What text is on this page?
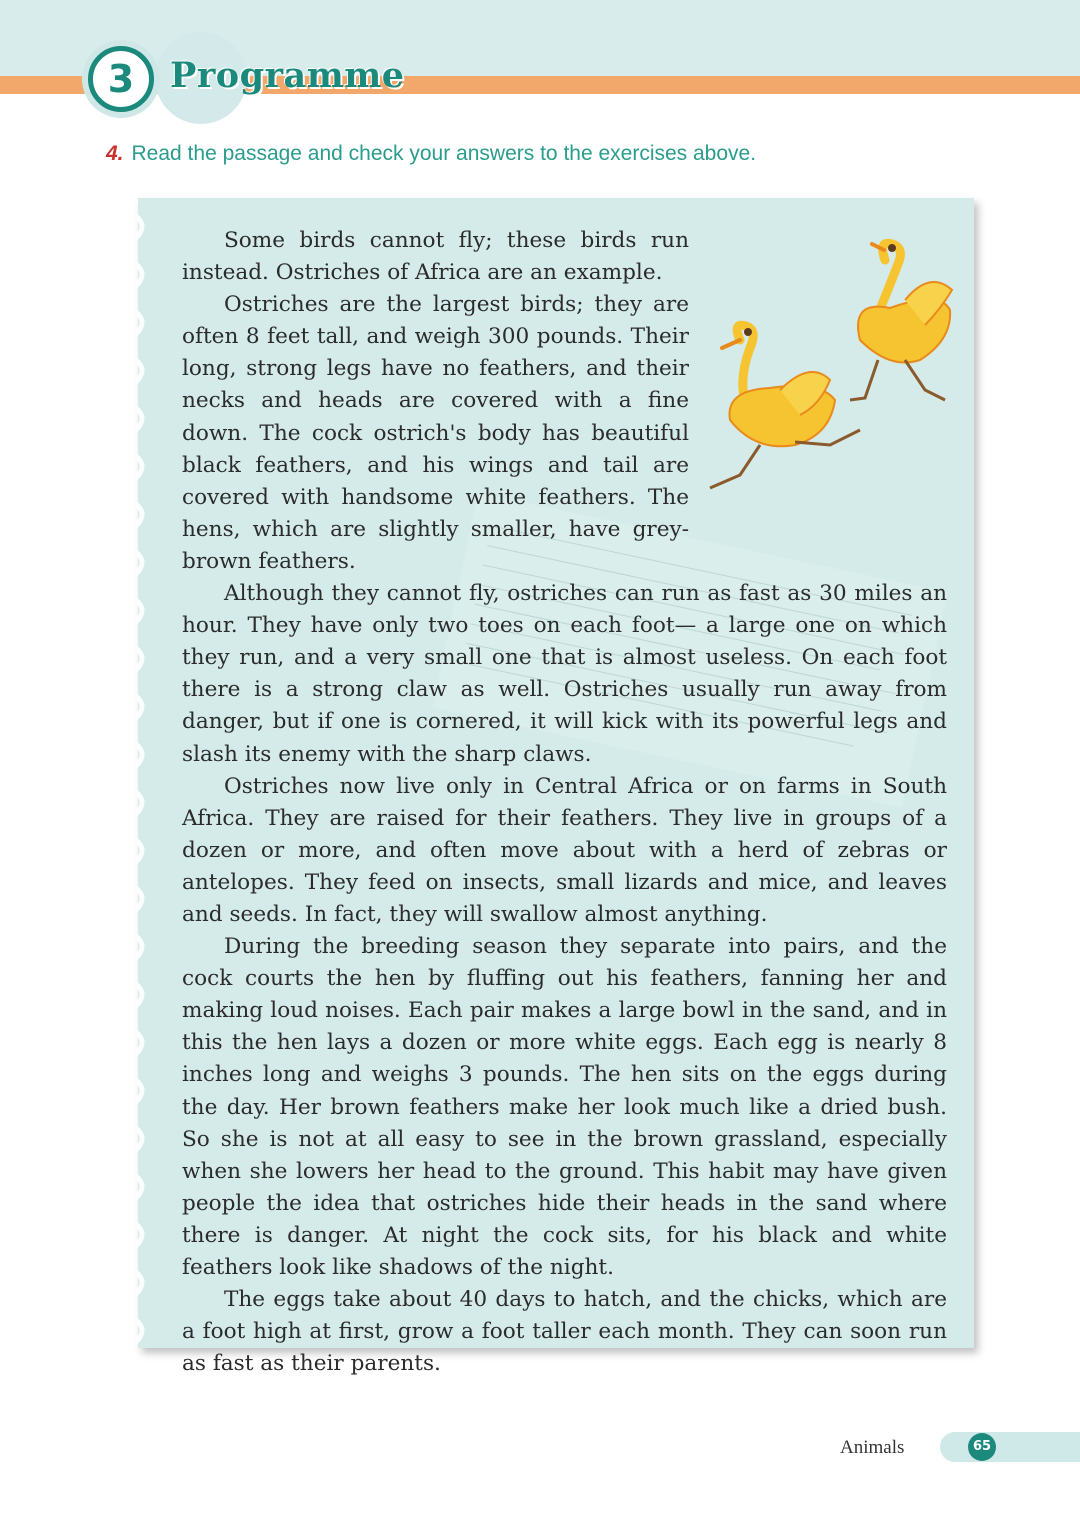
3	Programme
4. Read the passage and check your answers to the exercises above.

Some birds cannot fly; these birds run instead. Ostriches of Africa are an example.

Ostriches are the largest birds; they are often 8 feet tall, and weigh 300 pounds. Their long, strong legs have no feathers, and their necks and heads are covered with a fine down. The cock ostrich's body has beautiful black feathers, and his wings and tail are covered with handsome white feathers. The hens, which are slightly smaller, have grey-brown feathers.

Although they cannot fly, ostriches can run as fast as 30 miles an hour. They have only two toes on each foot— a large one on which they run, and a very small one that is almost useless. On each foot there is a strong claw as well. Ostriches usually run away from danger, but if one is cornered, it will kick with its powerful legs and slash its enemy with the sharp claws.

Ostriches now live only in Central Africa or on farms in South Africa. They are raised for their feathers. They live in groups of a dozen or more, and often move about with a herd of zebras or antelopes. They feed on insects, small lizards and mice, and leaves and seeds. In fact, they will swallow almost anything.

During the breeding season they separate into pairs, and the cock courts the hen by fluffing out his feathers, fanning her and making loud noises. Each pair makes a large bowl in the sand, and in this the hen lays a dozen or more white eggs. Each egg is nearly 8 inches long and weighs 3 pounds. The hen sits on the eggs during the day. Her brown feathers make her look much like a dried bush. So she is not at all easy to see in the brown grassland, especially when she lowers her head to the ground. This habit may have given people the idea that ostriches hide their heads in the sand where there is danger. At night the cock sits, for his black and white feathers look like shadows of the night.

The eggs take about 40 days to hatch, and the chicks, which are a foot high at first, grow a foot taller each month. They can soon run as fast as their parents.

Animals	65
